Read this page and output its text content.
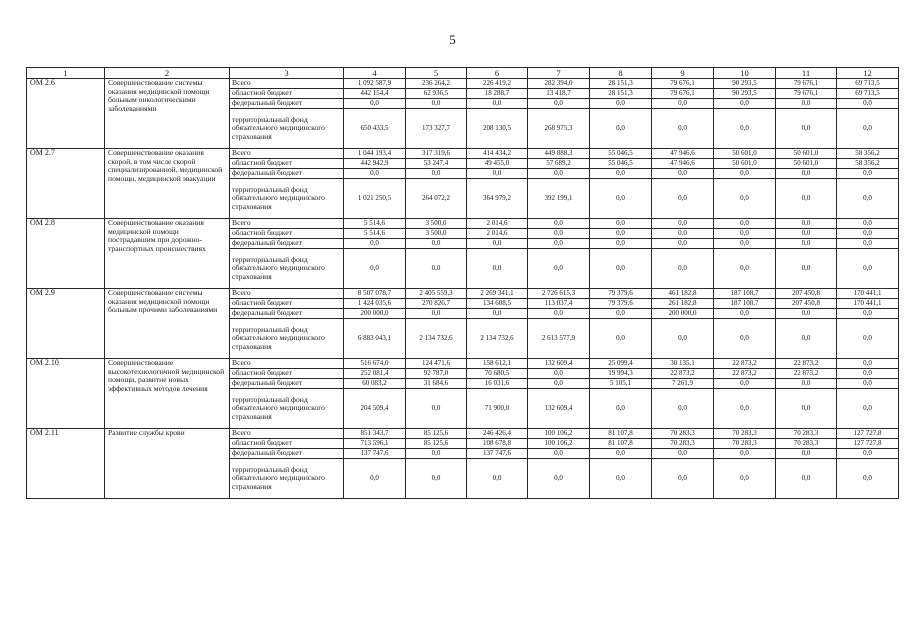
5
1	2	3	4	5	6	7	8	9	10	11	12
ОМ 2.6	Совершенствование системы оказания медицинской помощи больным онкологическими заболеваниями	Всего	1 092 587,9	236 264,2	226 419,2	282 394,0	28 151,3	79 676,1	90 293,5	79 676,1	69 713,5
		областной бюджет	442 154,4	62 936,5	18 288,7	13 418,7	28 151,3	79 676,1	90 293,5	79 676,1	69 713,5
		федеральный бюджет	0,0	0,0	0,0	0,0	0,0	0,0	0,0	0,0	0,0
		территориальный фонд обязательного медицинского страхования	650 433,5	173 327,7	208 130,5	268 975,3	0,0	0,0	0,0	0,0	0,0
ОМ 2.7	Совершенствование оказания скорой, в том числе скорой специализированной, медицинской помощи, медицинской эвакуации	Всего	1 044 193,4	317 319,6	414 434,2	449 888,3	55 046,5	47 946,6	50 601,0	50 601,0	58 356,2
		областной бюджет	442 942,9	53 247,4	49 455,0	57 689,2	55 046,5	47 946,6	50 601,0	50 601,0	58 356,2
		федеральный бюджет	0,0	0,0	0,0	0,0	0,0	0,0	0,0	0,0	0,0
		территориальный фонд обязательного медицинского страхования	1 021 250,5	264 072,2	364 979,2	392 199,1	0,0	0,0	0,0	0,0	0,0
ОМ 2.8	Совершенствование оказания медицинской помощи пострадавшим при дорожно-транспортных происшествиях	Всего	5 514,6	3 500,0	2 014,6	0,0	0,0	0,0	0,0	0,0	0,0
		областной бюджет	5 514,6	3 500,0	2 014,6	0,0	0,0	0,0	0,0	0,0	0,0
		федеральный бюджет	0,0	0,0	0,0	0,0	0,0	0,0	0,0	0,0	0,0
		территориальный фонд обязательного медицинского страхования	0,0	0,0	0,0	0,0	0,0	0,0	0,0	0,0	0,0
ОМ 2.9	Совершенствование системы оказания медицинской помощи больным прочими заболеваниями	Всего	8 507 078,7	2 405 559,3	2 269 341,1	2 726 615,3	79 379,6	461 182,8	187 108,7	207 450,8	170 441,1
		областной бюджет	1 424 035,6	270 826,7	134 608,5	113 037,4	79 379,6	261 182,8	187 108,7	207 450,8	170 441,1
		федеральный бюджет	200 000,0	0,0	0,0	0,0	0,0	200 000,0	0,0	0,0	0,0
		территориальный фонд обязательного медицинского страхования	6 883 043,1	2 134 732,6	2 134 732,6	2 613 577,9	0,0	0,0	0,0	0,0	0,0
ОМ 2.10	Совершенствование высокотехнологичной медицинской помощи, развитие новых эффективных методов лечения	Всего	516 674,0	124 471,6	158 612,1	132 609,4	25 099,4	30 135,1	22 873,2	22 873,2	0,0
		областной бюджет	252 081,4	92 787,0	70 680,5	0,0	19 994,3	22 873,2	22 873,2	22 873,2	0,0
		федеральный бюджет	60 083,2	31 684,6	16 031,6	0,0	5 105,1	7 261,9	0,0	0,0	0,0
		территориальный фонд обязательного медицинского страхования	204 509,4	0,0	71 900,0	132 609,4	0,0	0,0	0,0	0,0	0,0
ОМ 2.11	Развитие службы крови	Всего	851 343,7	85 125,6	246 426,4	100 106,2	81 107,8	70 283,3	70 283,3	70 283,3	127 727,8
		областной бюджет	713 596,1	85 125,6	108 678,8	100 106,2	81 107,8	70 283,3	70 283,3	70 283,3	127 727,8
		федеральный бюджет	137 747,6	0,0	137 747,6	0,0	0,0	0,0	0,0	0,0	0,0
		территориальный фонд обязательного медицинского страхования	0,0	0,0	0,0	0,0	0,0	0,0	0,0	0,0	0,0
